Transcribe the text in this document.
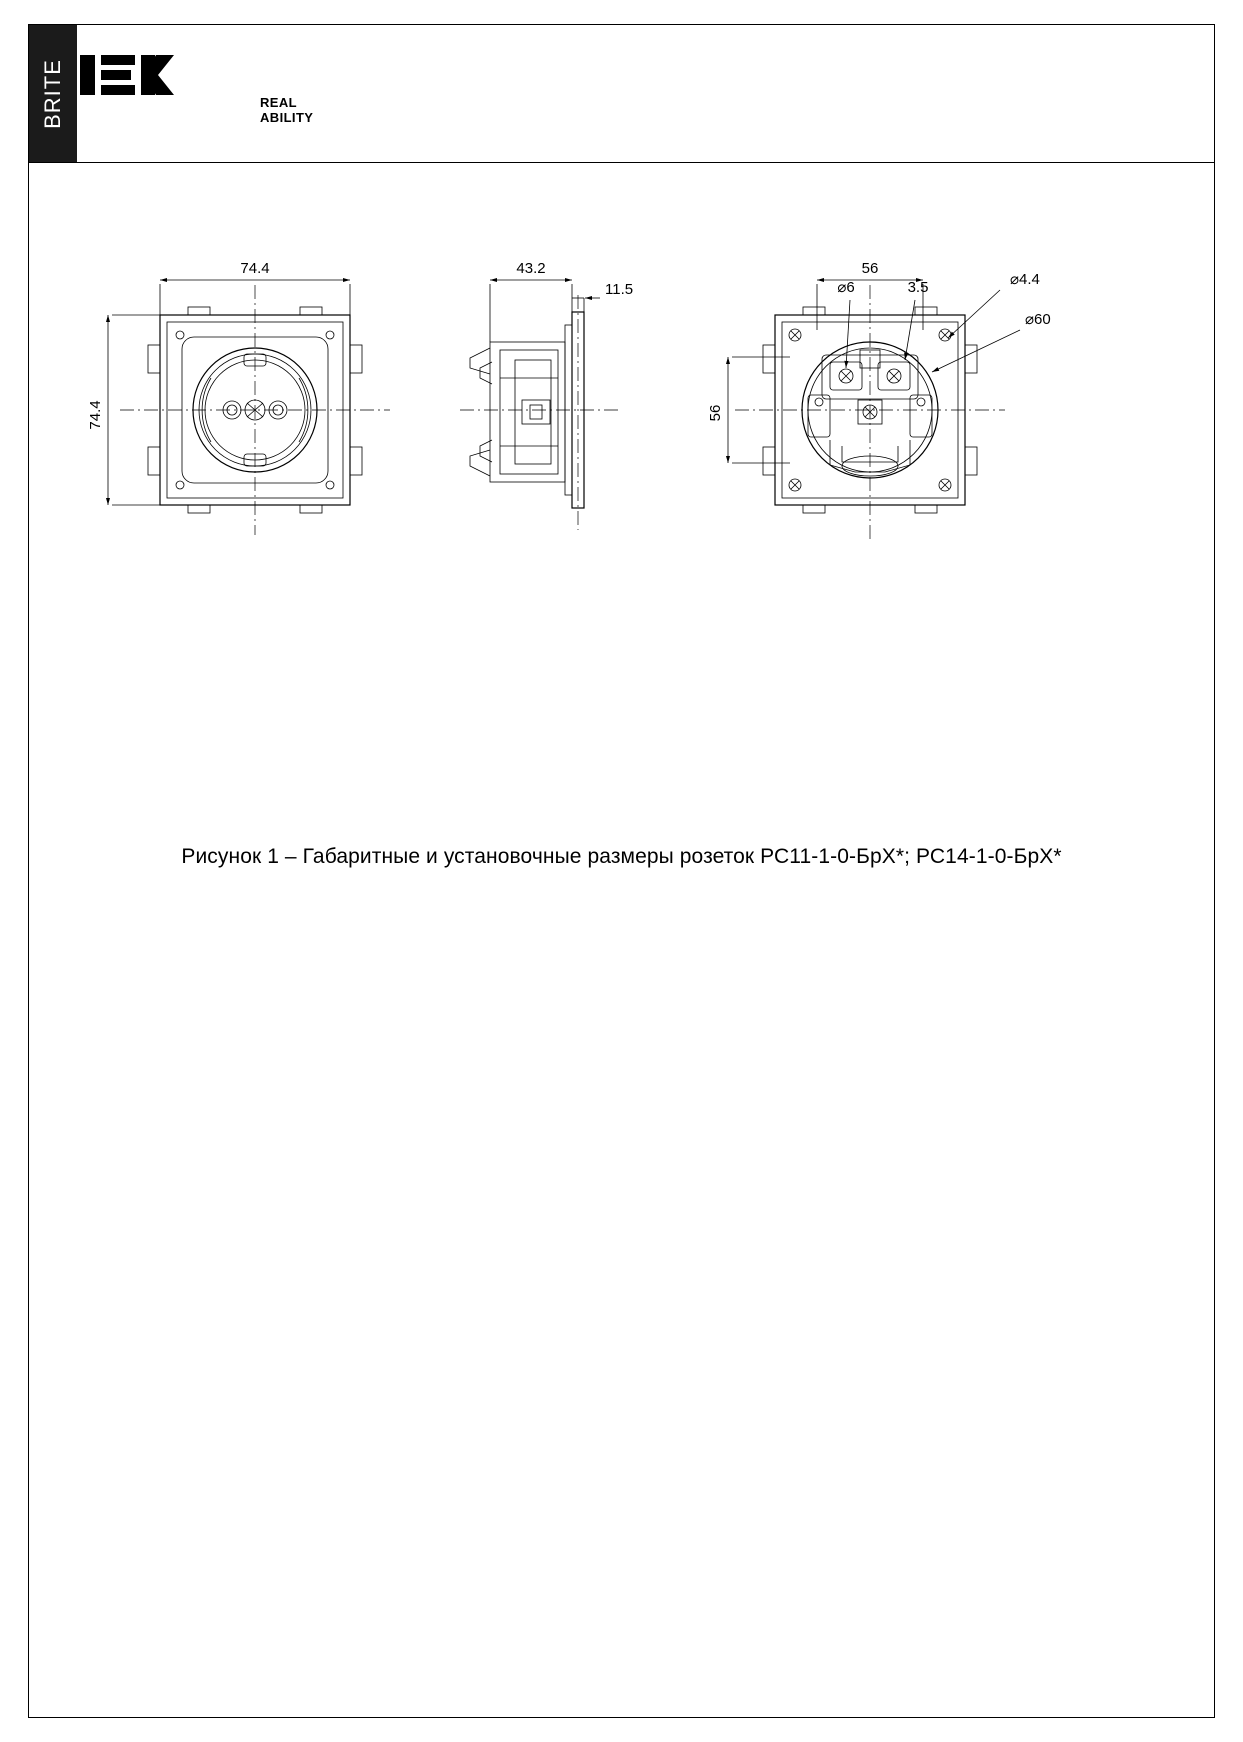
BRITE	REAL
ABILITY
74.4
74.4
43.2
11.5
56
56
⌀6	3.5	⌀4.4
⌀60
Рисунок 1 – Габаритные и установочные размеры розеток РС11-1-0-БрХ*; РС14-1-0-БрХ*
